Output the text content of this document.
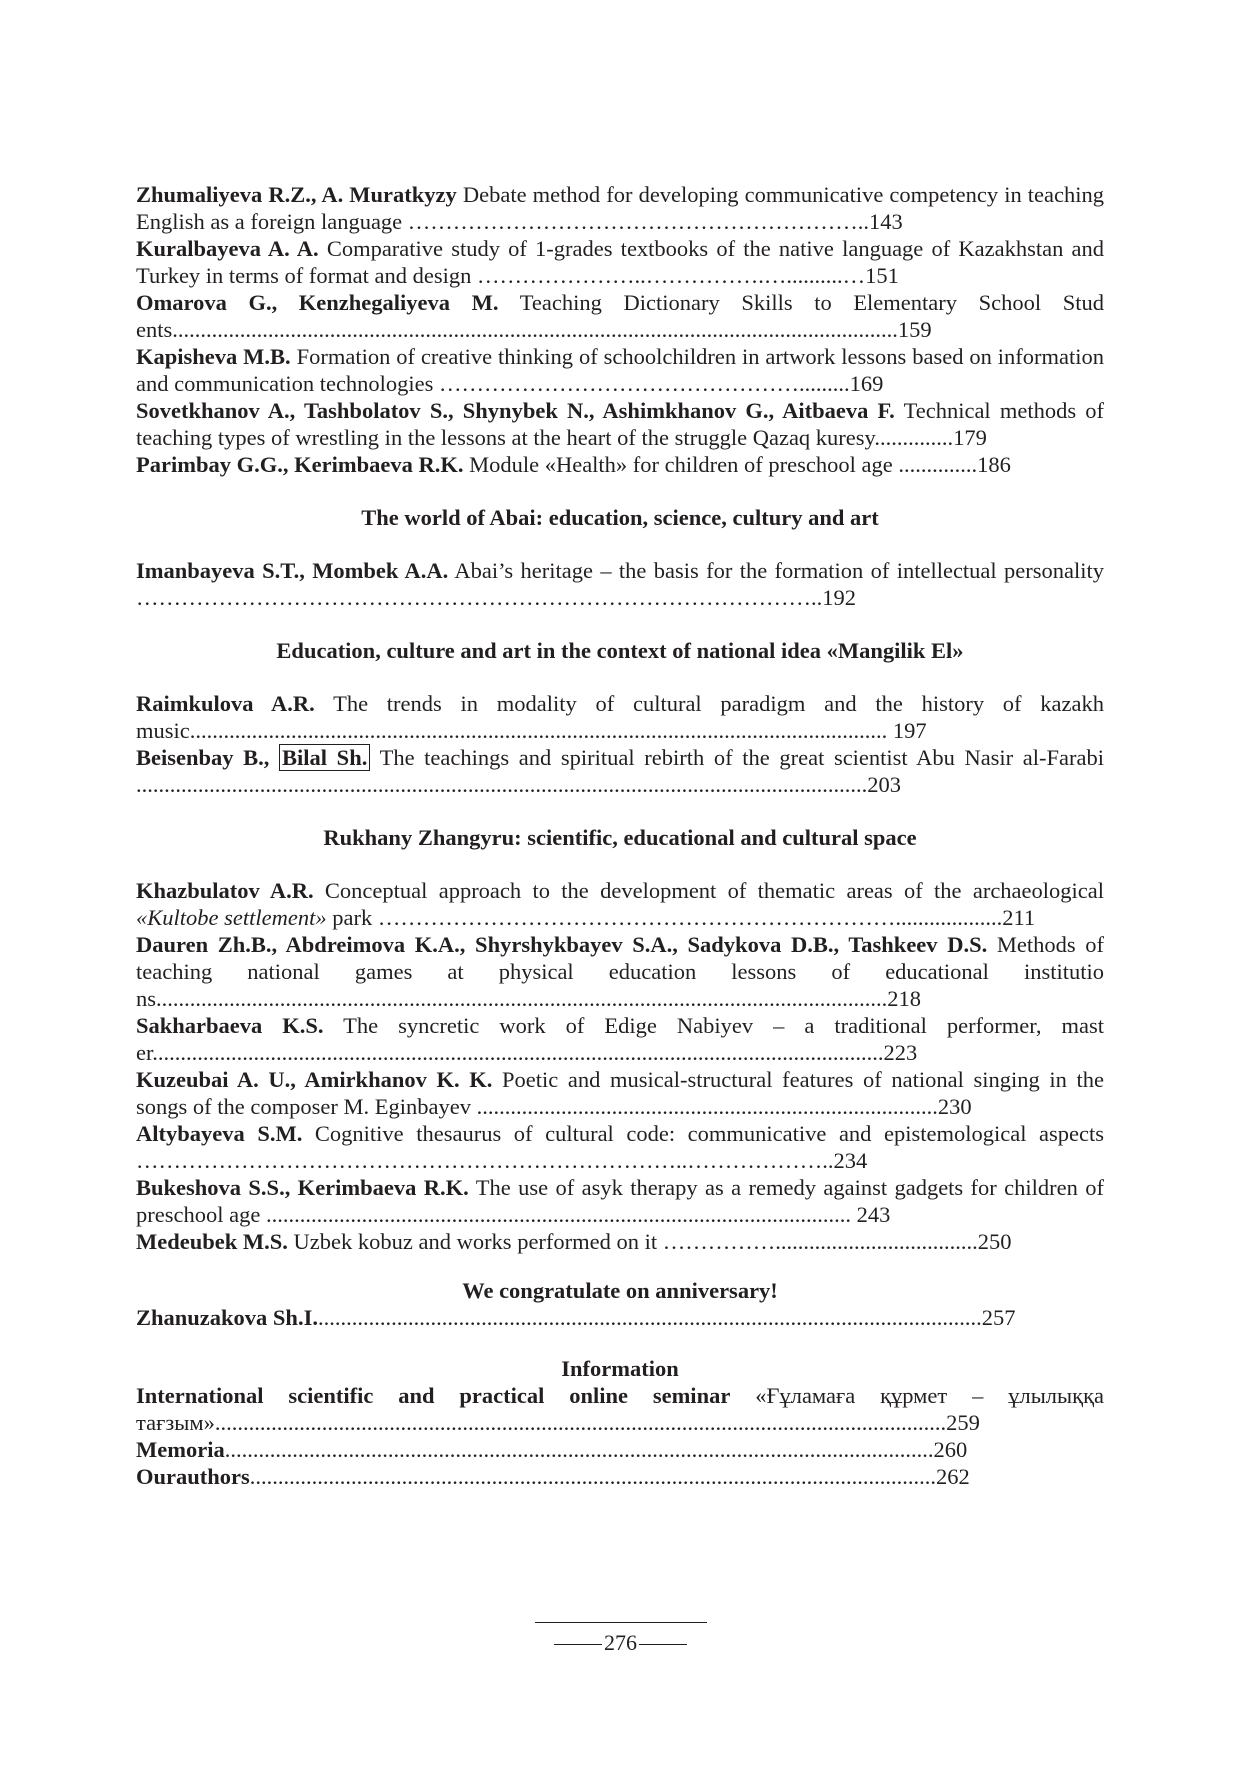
Zhumaliyeva R.Z., A. Muratkyzy Debate method for developing communicative competency in teaching English as a foreign language ……………………………………………………..143
Kuralbayeva A. A. Comparative study of 1-grades textbooks of the native language of Kazakhstan and Turkey in terms of format and design …………………..…………….…..........…151
Omarova G., Kenzhegaliyeva M. Teaching Dictionary Skills to Elementary School Stud ents.................................................................................................................................159
Kapisheva M.B. Formation of creative thinking of schoolchildren in artwork lessons based on information and communication technologies ………………………………………….........169
Sovetkhanov A., Tashbolatov S., Shynybek N., Ashimkhanov G., Aitbaeva F. Technical methods of teaching types of wrestling in the lessons at the heart of the struggle Qazaq kuresy..............179
Parimbay G.G., Kerimbaeva R.K. Module «Health» for children of preschool age ..............186
The world of Abai: education, science, cultury and art
Imanbayeva S.T., Mombek A.A. Abai’s heritage – the basis for the formation of intellectual personality ………………………………………………………………………………..192
Education, culture and art in the context of national idea «Mangilik El»
Raimkulova A.R. The trends in modality of cultural paradigm and the history of kazakh music............................................................................................................................ 197
Beisenbay B., Bilal Sh. The teachings and spiritual rebirth of the great scientist Abu Nasir al-Farabi ..................................................................................................................................203
Rukhany Zhangyru: scientific, educational and cultural space
Khazbulatov A.R. Conceptual approach to the development of thematic areas of the archaeological «Kultobe settlement» park ……………………………………………………………...................211
Dauren Zh.B., Abdreimova K.A., Shyrshykbayev S.A., Sadykova D.B., Tashkeev D.S. Methods of teaching national games at physical education lessons of educational institutio ns..................................................................................................................................218
Sakharbaeva K.S. The syncretic work of Edige Nabiyev – a traditional performer, mast er..................................................................................................................................223
Kuzeubai A. U., Amirkhanov K. K. Poetic and musical-structural features of national singing in the songs of the composer M. Eginbayev ..................................................................................230
Altybayeva S.M. Cognitive thesaurus of cultural code: communicative and epistemological aspects ………………………………………………………………..………………..234
Bukeshova S.S., Kerimbaeva R.K. The use of asyk therapy as a remedy against gadgets for children of preschool age ........................................................................................................ 243
Medeubek M.S. Uzbek kobuz and works performed on it ……………....................................250
We congratulate on anniversary!
Zhanuzakova Sh.I.......................................................................................................................257
Information
International scientific and practical online seminar «Ғұламаға құрмет – ұлылыққа тағзым»..................................................................................................................................259
Memoria..............................................................................................................................260
Ourauthors..........................................................................................................................262
276
